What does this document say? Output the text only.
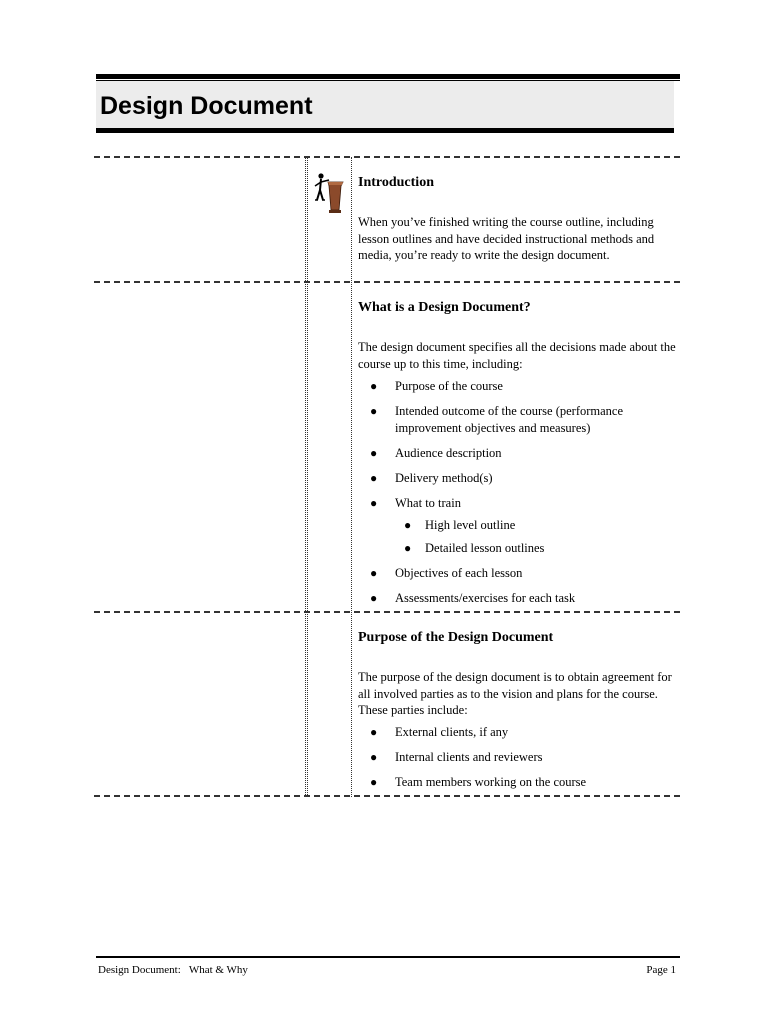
Design Document
Introduction
When you’ve finished writing the course outline, including lesson outlines and have decided instructional methods and media, you’re ready to write the design document.
What is a Design Document?
The design document specifies all the decisions made about the course up to this time, including:
● Purpose of the course
● Intended outcome of the course (performance improvement objectives and measures)
● Audience description
● Delivery method(s)
● What to train
● High level outline
● Detailed lesson outlines
● Objectives of each lesson
● Assessments/exercises for each task
Purpose of the Design Document
The purpose of the design document is to obtain agreement for all involved parties as to the vision and plans for the course. These parties include:
● External clients, if any
● Internal clients and reviewers
● Team members working on the course
Design Document:   What & Why	Page 1
